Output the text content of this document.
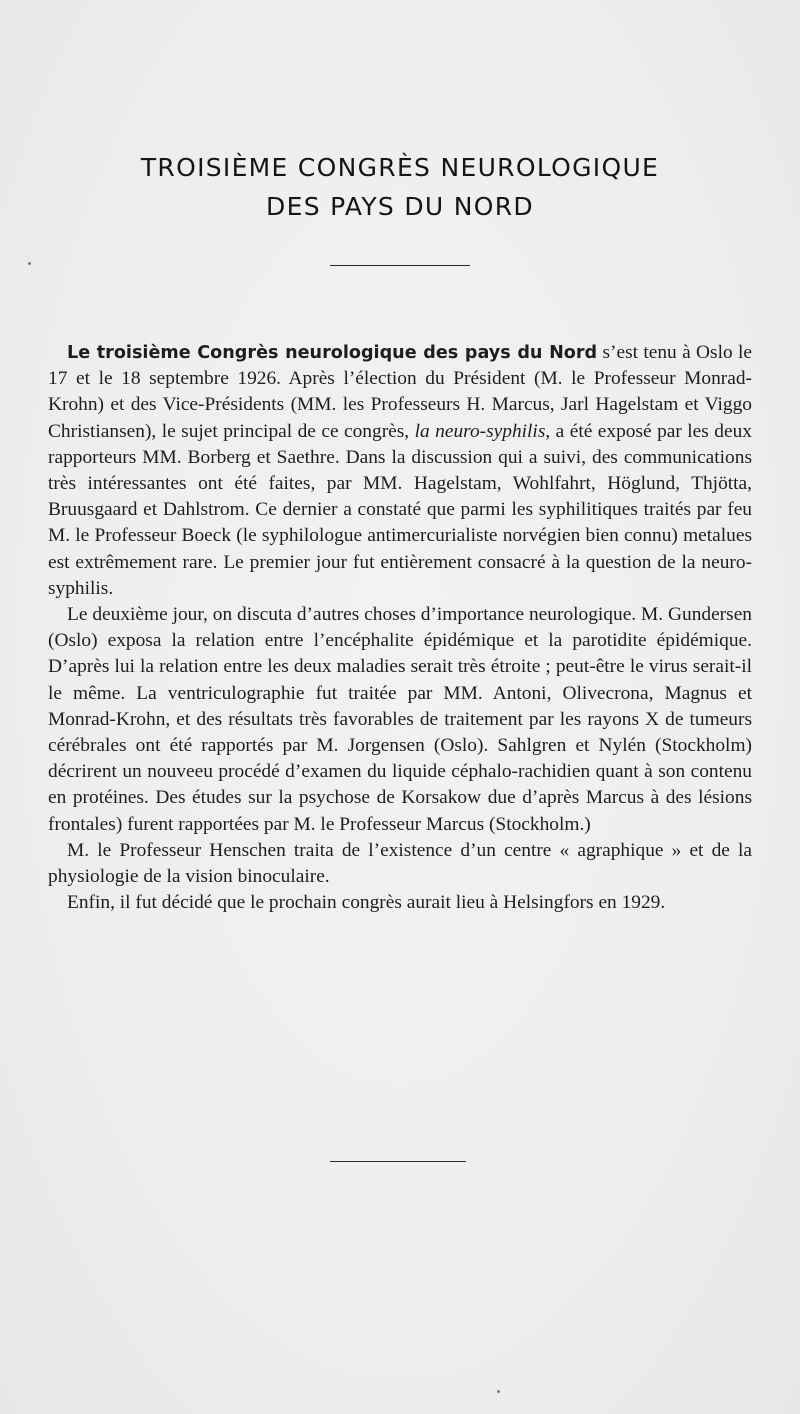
TROISIÈME CONGRÈS NEUROLOGIQUE
DES PAYS DU NORD

Le troisième Congrès neurologique des pays du Nord s’est tenu à Oslo le 17 et le 18 septembre 1926. Après l’élection du Président (M. le Professeur Monrad-Krohn) et des Vice-Présidents (MM. les Professeurs H. Marcus, Jarl Hagelstam et Viggo Christiansen), le sujet principal de ce congrès, la neuro-syphilis, a été exposé par les deux rapporteurs MM. Borberg et Saethre. Dans la discussion qui a suivi, des communications très intéressantes ont été faites, par MM. Hagelstam, Wohlfahrt, Höglund, Thjötta, Bruusgaard et Dahlstrom. Ce dernier a constaté que parmi les syphilitiques traités par feu M. le Professeur Boeck (le syphilologue antimercurialiste norvégien bien connu) metalues est extrêmement rare. Le premier jour fut entièrement consacré à la question de la neuro-syphilis.

Le deuxième jour, on discuta d’autres choses d’importance neurologique. M. Gundersen (Oslo) exposa la relation entre l’encéphalite épidémique et la parotidite épidémique. D’après lui la relation entre les deux maladies serait très étroite ; peut-être le virus serait-il le même. La ventriculographie fut traitée par MM. Antoni, Olivecrona, Magnus et Monrad-Krohn, et des résultats très favorables de traitement par les rayons X de tumeurs cérébrales ont été rapportés par M. Jorgensen (Oslo). Sahlgren et Nylén (Stockholm) décrirent un nouveeu procédé d’examen du liquide céphalo-rachidien quant à son contenu en protéines. Des études sur la psychose de Korsakow due d’après Marcus à des lésions frontales) furent rapportées par M. le Professeur Marcus (Stockholm.)

M. le Professeur Henschen traita de l’existence d’un centre « agraphique » et de la physiologie de la vision binoculaire.

Enfin, il fut décidé que le prochain congrès aurait lieu à Helsingfors en 1929.
